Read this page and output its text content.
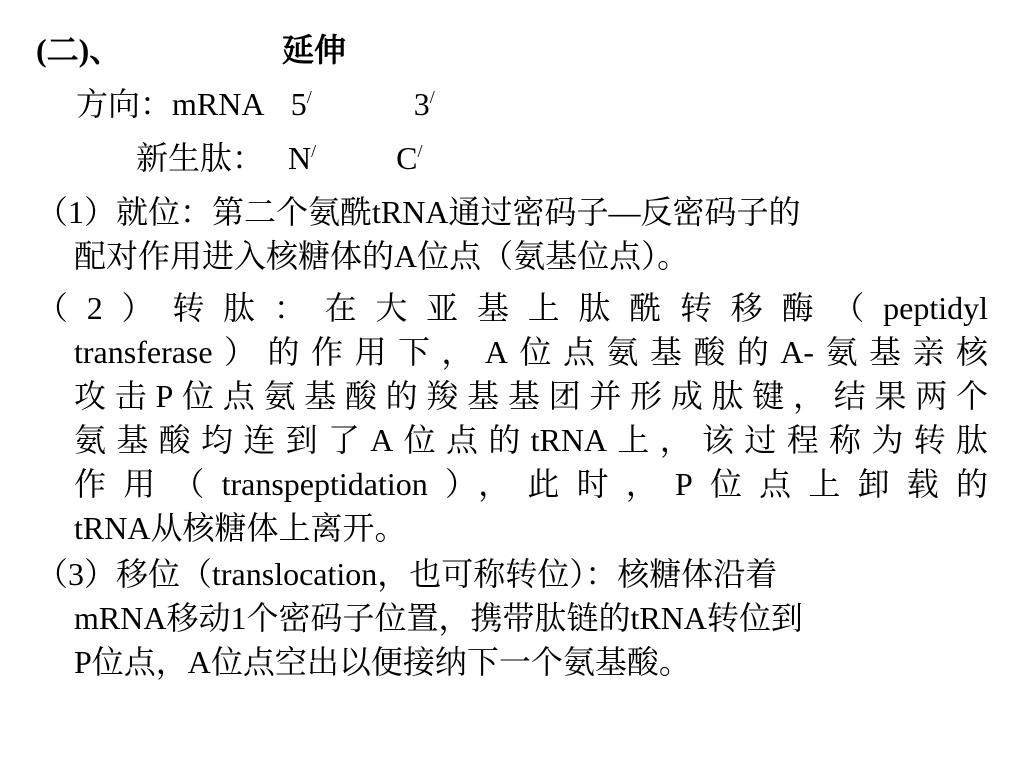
(二)、	延伸
方向：mRNA 5/	3/
新生肽： N/	C/
（1）就位：第二个氨酰tRNA通过密码子—反密码子的
配对作用进入核糖体的A位点（氨基位点）。
（2）转肽：在大亚基上肽酰转移酶（peptidyl
transferase）的作用下，A位点氨基酸的A-氨基亲核
攻击P位点氨基酸的羧基基团并形成肽键，结果两个
氨基酸均连到了A位点的tRNA上，该过程称为转肽
作用（transpeptidation），此时，P位点上卸载的
tRNA从核糖体上离开。
（3）移位（translocation，也可称转位）：核糖体沿着
mRNA移动1个密码子位置，携带肽链的tRNA转位到
P位点，A位点空出以便接纳下一个氨基酸。
